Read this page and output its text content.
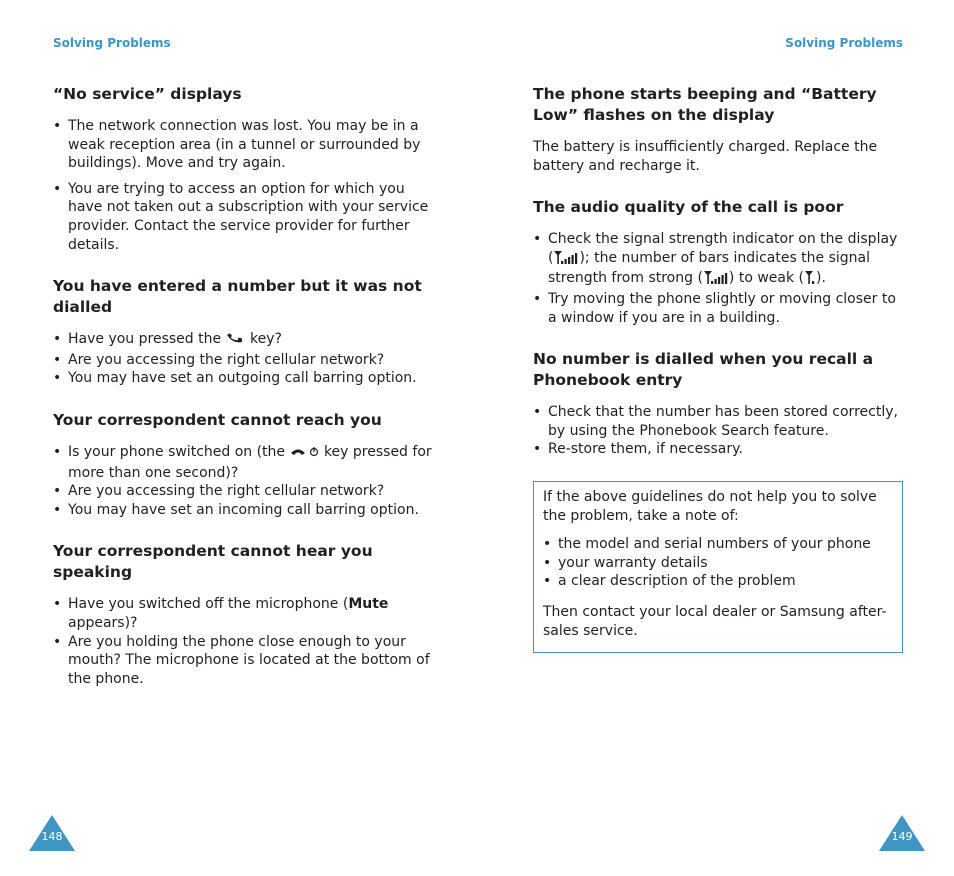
Solving Problems
“No service” displays
• The network connection was lost. You may be in a weak reception area (in a tunnel or surrounded by buildings). Move and try again.
• You are trying to access an option for which you have not taken out a subscription with your service provider. Contact the service provider for further details.
You have entered a number but it was not dialled
• Have you pressed the key?
• Are you accessing the right cellular network?
• You may have set an outgoing call barring option.
Your correspondent cannot reach you
• Is your phone switched on (the	key pressed for more than one second)?
• Are you accessing the right cellular network?
• You may have set an incoming call barring option.
Your correspondent cannot hear you speaking
• Have you switched off the microphone (Mute appears)?
• Are you holding the phone close enough to your mouth? The microphone is located at the bottom of the phone.
148
Solving Problems
The phone starts beeping and “Battery Low” flashes on the display

The battery is insufficiently charged. Replace the battery and recharge it.

The audio quality of the call is poor
• Check the signal strength indicator on the display ( ); the number of bars indicates the signal strength from strong ( ) to weak ( ).
• Try moving the phone slightly or moving closer to a window if you are in a building.
No number is dialled when you recall a Phonebook entry
• Check that the number has been stored correctly, by using the Phonebook Search feature.
• Re-store them, if necessary.

If the above guidelines do not help you to solve the problem, take a note of:

• the model and serial numbers of your phone
• your warranty details
• a clear description of the problem

Then contact your local dealer or Samsung after-sales service.

149
